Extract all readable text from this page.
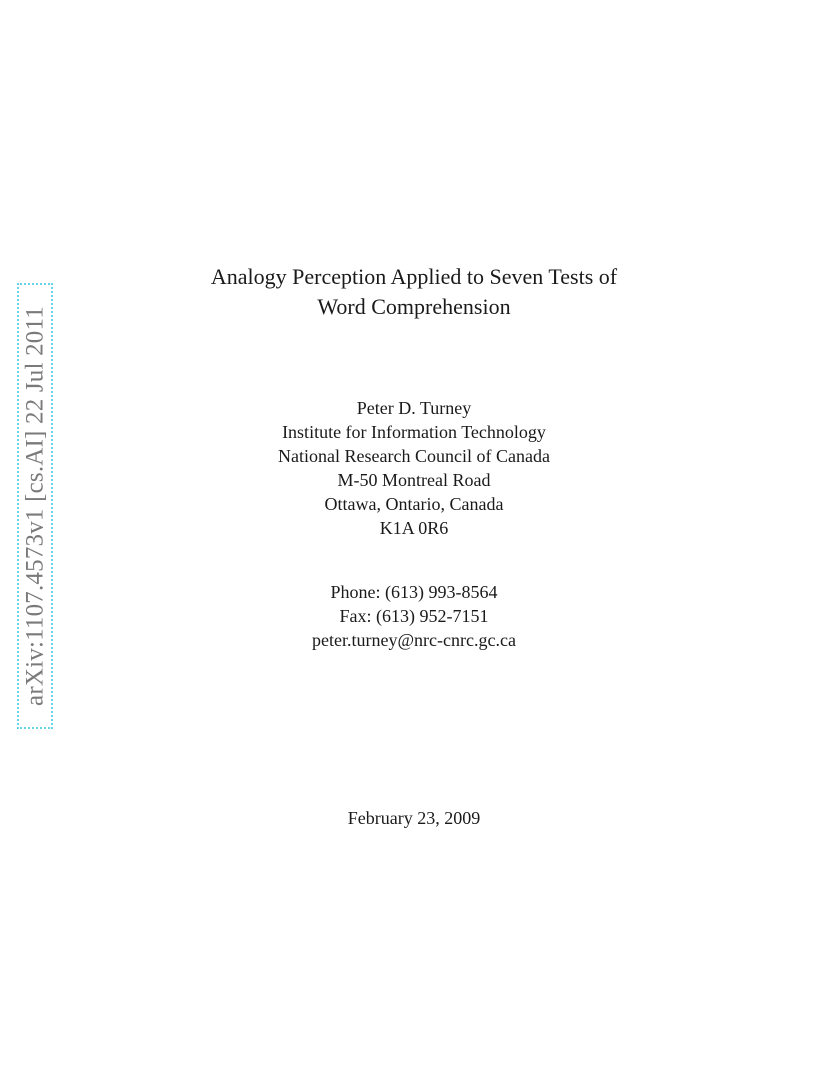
arXiv:1107.4573v1 [cs.AI] 22 Jul 2011
Analogy Perception Applied to Seven Tests of
Word Comprehension
Peter D. Turney
Institute for Information Technology
National Research Council of Canada
M-50 Montreal Road
Ottawa, Ontario, Canada
K1A 0R6
Phone: (613) 993-8564
Fax: (613) 952-7151
peter.turney@nrc-cnrc.gc.ca
February 23, 2009
